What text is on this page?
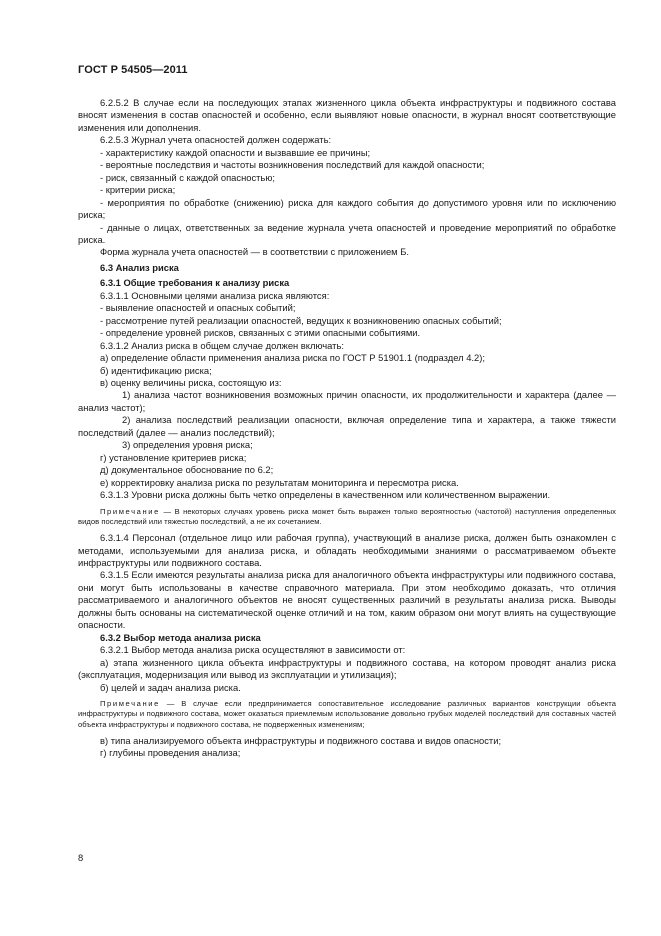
ГОСТ Р 54505—2011

6.2.5.2 В случае если на последующих этапах жизненного цикла объекта инфраструктуры и подвижного состава вносят изменения в состав опасностей и особенно, если выявляют новые опасности, в журнал вносят соответствующие изменения или дополнения.

6.2.5.3 Журнал учета опасностей должен содержать:

- характеристику каждой опасности и вызвавшие ее причины;

- вероятные последствия и частоты возникновения последствий для каждой опасности;

- риск, связанный с каждой опасностью;

- критерии риска;

- мероприятия по обработке (снижению) риска для каждого события до допустимого уровня или по исключению риска;

- данные о лицах, ответственных за ведение журнала учета опасностей и проведение мероприятий по обработке риска.

Форма журнала учета опасностей — в соответствии с приложением Б.

6.3 Анализ риска

6.3.1 Общие требования к анализу риска

6.3.1.1 Основными целями анализа риска являются:

- выявление опасностей и опасных событий;

- рассмотрение путей реализации опасностей, ведущих к возникновению опасных событий;

- определение уровней рисков, связанных с этими опасными событиями.

6.3.1.2 Анализ риска в общем случае должен включать:

а) определение области применения анализа риска по ГОСТ Р 51901.1 (подраздел 4.2);

б) идентификацию риска;

в) оценку величины риска, состоящую из:

1) анализа частот возникновения возможных причин опасности, их продолжительности и характера (далее — анализ частот);

2) анализа последствий реализации опасности, включая определение типа и характера, а также тяжести последствий (далее — анализ последствий);

3) определения уровня риска;

г) установление критериев риска;

д) документальное обоснование по 6.2;

е) корректировку анализа риска по результатам мониторинга и пересмотра риска.

6.3.1.3 Уровни риска должны быть четко определены в качественном или количественном выражении.

Примечание — В некоторых случаях уровень риска может быть выражен только вероятностью (частотой) наступления определенных видов последствий или тяжестью последствий, а не их сочетанием.

6.3.1.4 Персонал (отдельное лицо или рабочая группа), участвующий в анализе риска, должен быть ознакомлен с методами, используемыми для анализа риска, и обладать необходимыми знаниями о рассматриваемом объекте инфраструктуры или подвижного состава.

6.3.1.5 Если имеются результаты анализа риска для аналогичного объекта инфраструктуры или подвижного состава, они могут быть использованы в качестве справочного материала. При этом необходимо доказать, что отличия рассматриваемого и аналогичного объектов не вносят существенных различий в результаты анализа риска. Выводы должны быть основаны на систематической оценке отличий и на том, каким образом они могут влиять на существующие опасности.

6.3.2 Выбор метода анализа риска

6.3.2.1 Выбор метода анализа риска осуществляют в зависимости от:

а) этапа жизненного цикла объекта инфраструктуры и подвижного состава, на котором проводят анализ риска (эксплуатация, модернизация или вывод из эксплуатации и утилизация);

б) целей и задач анализа риска.

Примечание — В случае если предпринимается сопоставительное исследование различных вариантов конструкции объекта инфраструктуры и подвижного состава, может оказаться приемлемым использование довольно грубых моделей последствий для составных частей объекта инфраструктуры и подвижного состава, не подверженных изменениям;

в) типа анализируемого объекта инфраструктуры и подвижного состава и видов опасности;

г) глубины проведения анализа;

8
